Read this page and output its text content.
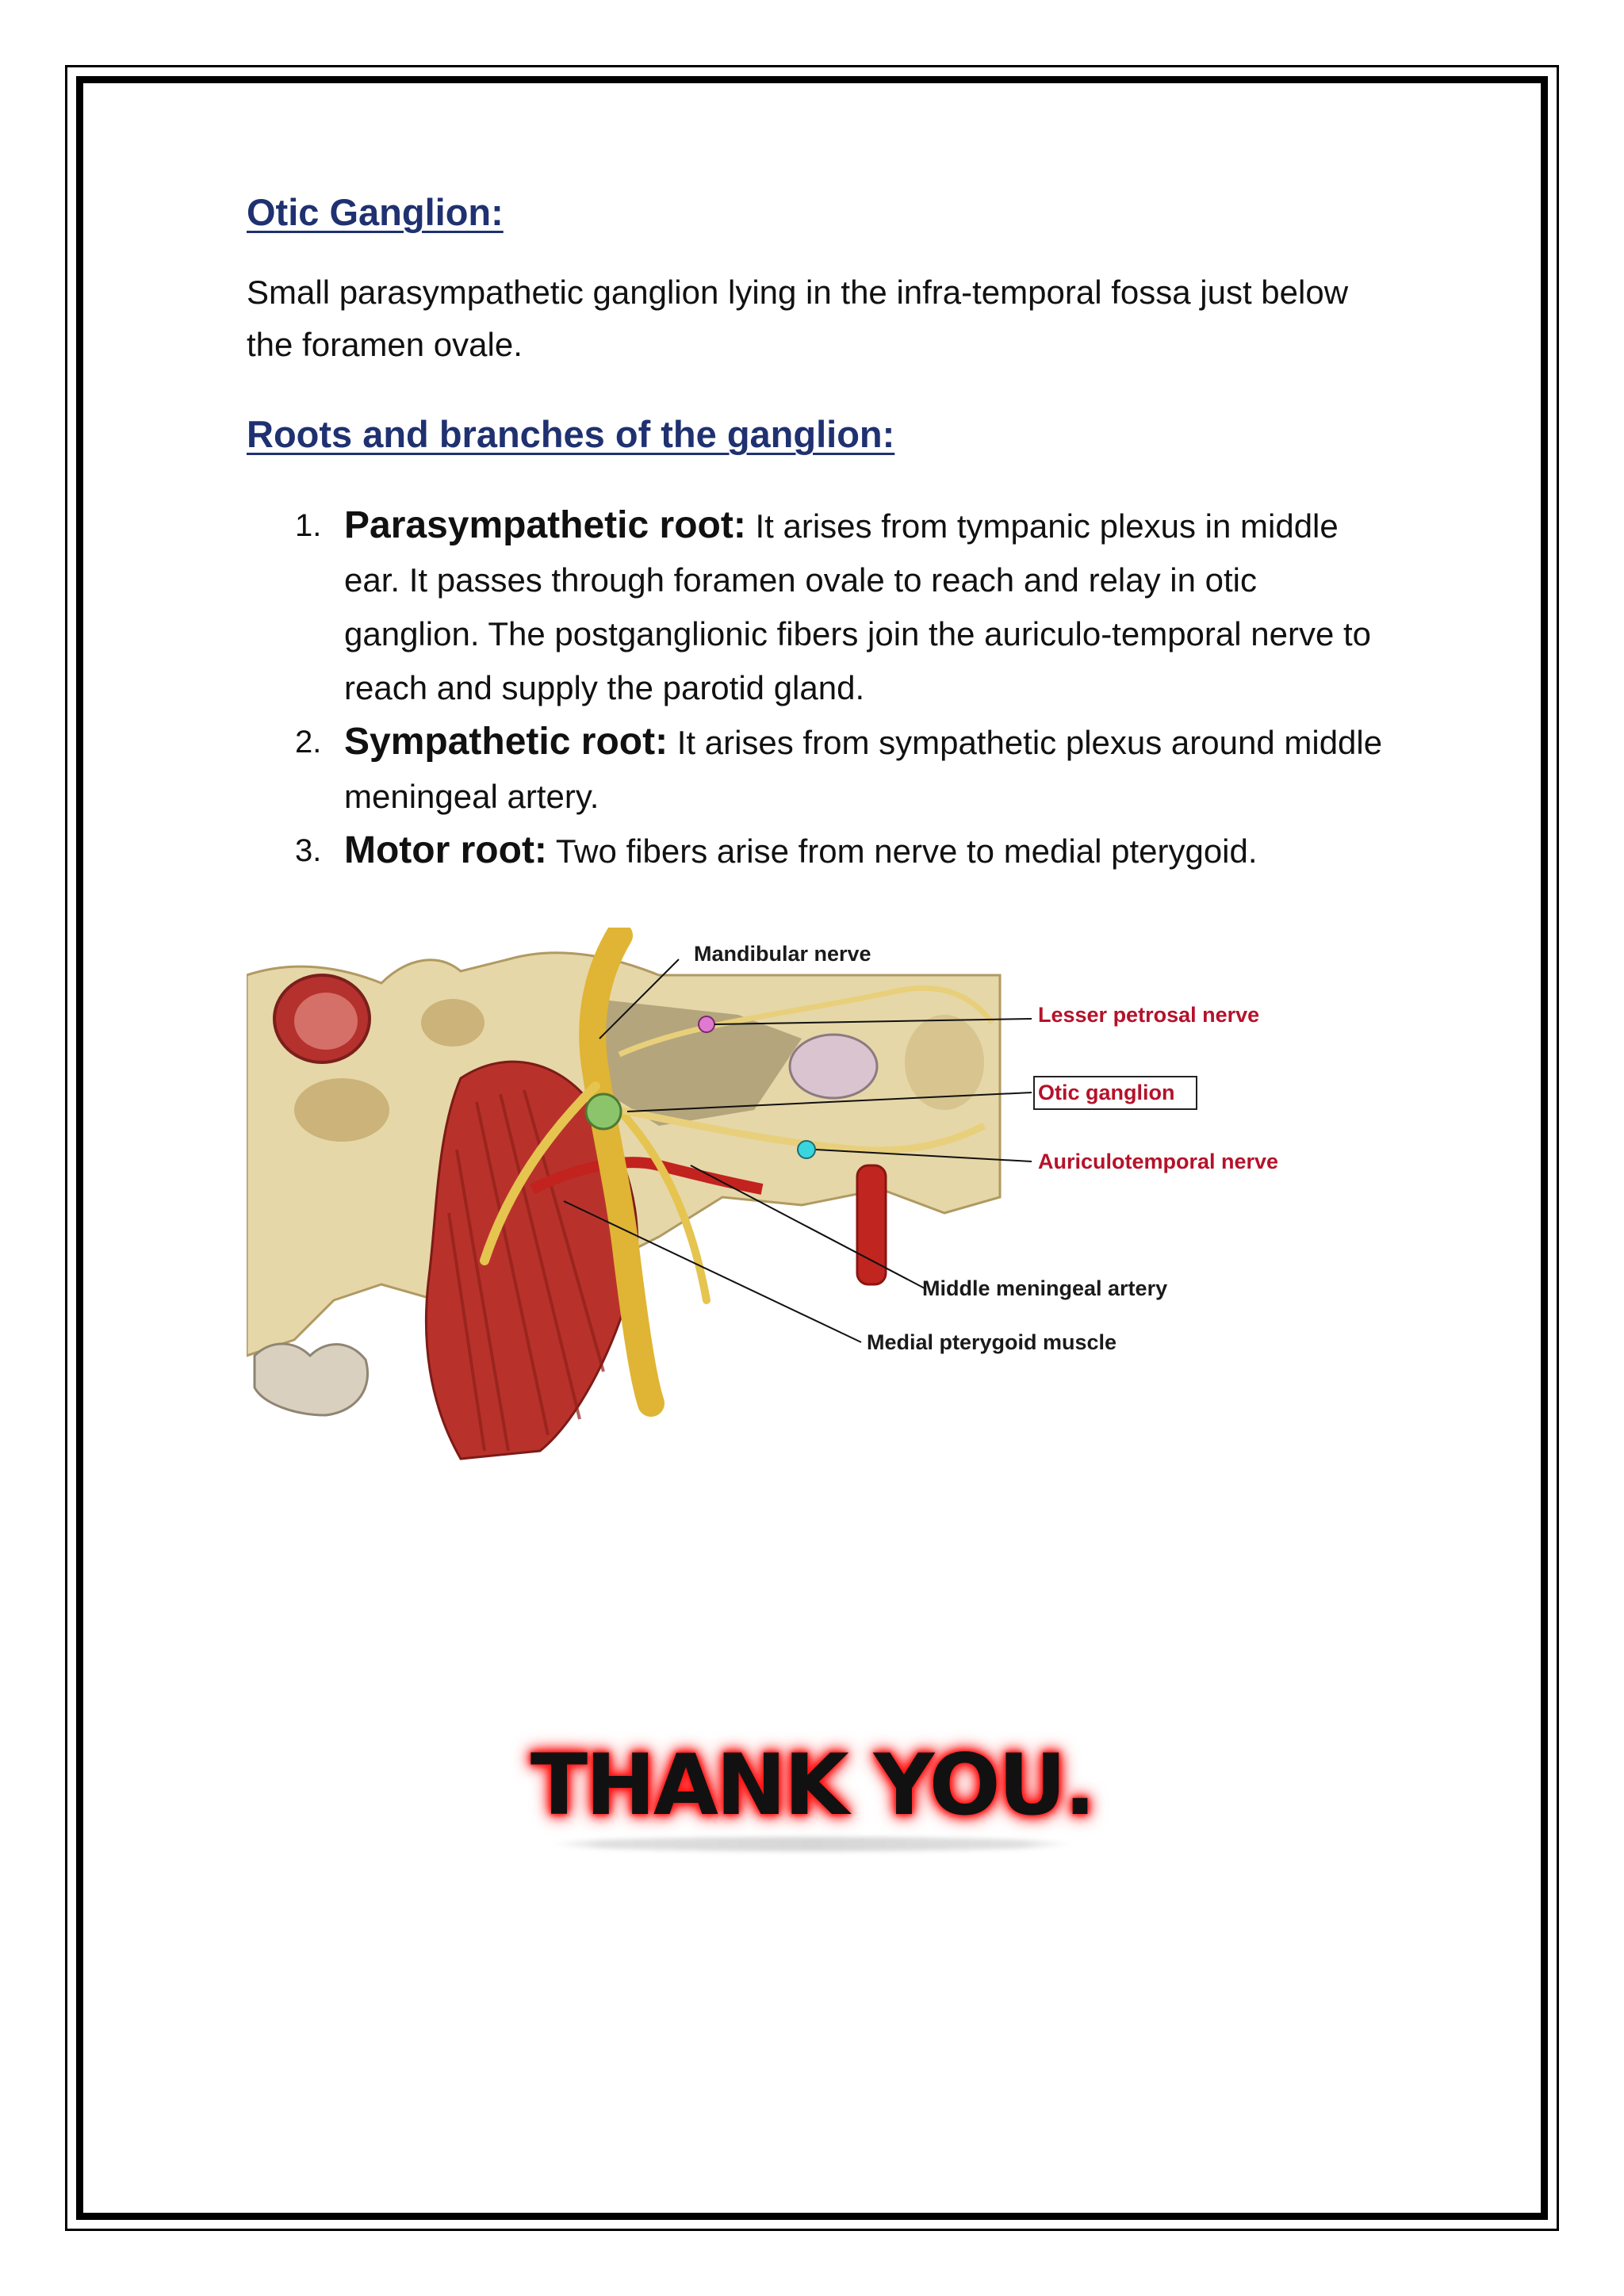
Otic Ganglion:

Small parasympathetic ganglion lying in the infra-temporal fossa just below the foramen ovale.

Roots and branches of the ganglion:
1. Parasympathetic root: It arises from tympanic plexus in middle ear. It passes through foramen ovale to reach and relay in otic ganglion. The postganglionic fibers join the auriculo-temporal nerve to reach and supply the parotid gland.
2. Sympathetic root: It arises from sympathetic plexus around middle meningeal artery.
3. Motor root: Two fibers arise from nerve to medial pterygoid.
Mandibular nerve
Lesser petrosal nerve
Otic ganglion
Auriculotemporal nerve
Middle meningeal artery
Medial pterygoid muscle
THANK YOU.
